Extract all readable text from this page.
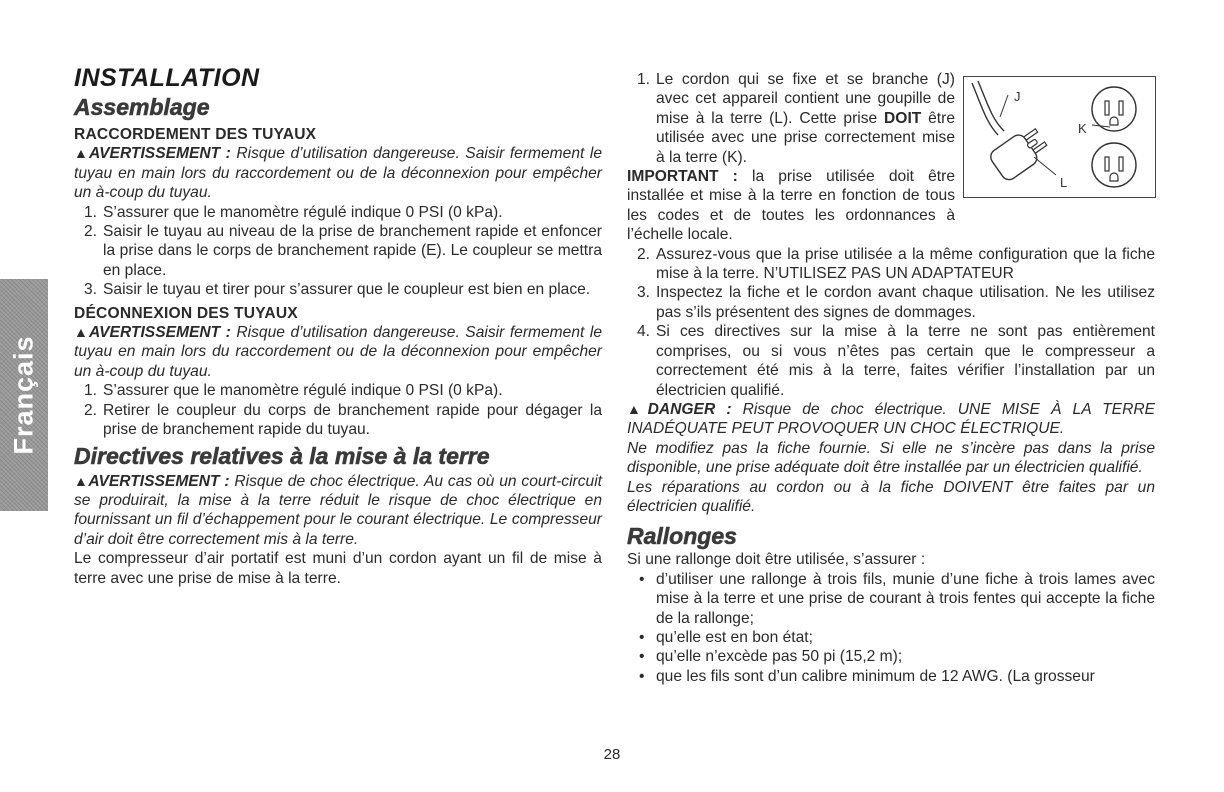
Français
INSTALLATION
Assemblage
RACCORDEMENT DES TUYAUX

▲AVERTISSEMENT : Risque d’utilisation dangereuse. Saisir fermement le tuyau en main lors du raccordement ou de la déconnexion pour empêcher un à-coup du tuyau.

1. S’assurer que le manomètre régulé indique 0 PSI (0 kPa).
2. Saisir le tuyau au niveau de la prise de branchement rapide et enfoncer la prise dans le corps de branchement rapide (E). Le coupleur se mettra en place.
3. Saisir le tuyau et tirer pour s’assurer que le coupleur est bien en place.
DÉCONNEXION DES TUYAUX

▲AVERTISSEMENT : Risque d’utilisation dangereuse. Saisir fermement le tuyau en main lors du raccordement ou de la déconnexion pour empêcher un à-coup du tuyau.

1. S’assurer que le manomètre régulé indique 0 PSI (0 kPa).
2. Retirer le coupleur du corps de branchement rapide pour dégager la prise de branchement rapide du tuyau.
Directives relatives à la mise à la terre

▲AVERTISSEMENT : Risque de choc électrique. Au cas où un court-circuit se produirait, la mise à la terre réduit le risque de choc électrique en fournissant un fil d’échappement pour le courant électrique. Le compresseur d’air doit être correctement mis à la terre.

Le compresseur d’air portatif est muni d’un cordon ayant un fil de mise à terre avec une prise de mise à la terre.

1. Le cordon qui se fixe et se branche (J) avec cet appareil contient une goupille de mise à la terre (L). Cette prise DOIT être utilisée avec une prise correctement mise à la terre (K).

IMPORTANT : la prise utilisée doit être installée et mise à la terre en fonction de tous les codes et de toutes les ordonnances à l’échelle locale.

J
K
L
2. Assurez-vous que la prise utilisée a la même configuration que la fiche mise à la terre. N’UTILISEZ PAS UN ADAPTATEUR
3. Inspectez la fiche et le cordon avant chaque utilisation. Ne les utilisez pas s’ils présentent des signes de dommages.
4. Si ces directives sur la mise à la terre ne sont pas entièrement comprises, ou si vous n’êtes pas certain que le compresseur a correctement été mis à la terre, faites vérifier l’installation par un électricien qualifié.

▲DANGER : Risque de choc électrique. UNE MISE À LA TERRE INADÉQUATE PEUT PROVOQUER UN CHOC ÉLECTRIQUE.

Ne modifiez pas la fiche fournie. Si elle ne s’incère pas dans la prise disponible, une prise adéquate doit être installée par un électricien qualifié.

Les réparations au cordon ou à la fiche DOIVENT être faites par un électricien qualifié.

Rallonges

Si une rallonge doit être utilisée, s’assurer :

• d’utiliser une rallonge à trois fils, munie d’une fiche à trois lames avec mise à la terre et une prise de courant à trois fentes qui accepte la fiche de la rallonge;
• qu’elle est en bon état;
• qu’elle n’excède pas 50 pi (15,2 m);
• que les fils sont d’un calibre minimum de 12 AWG. (La grosseur
28
